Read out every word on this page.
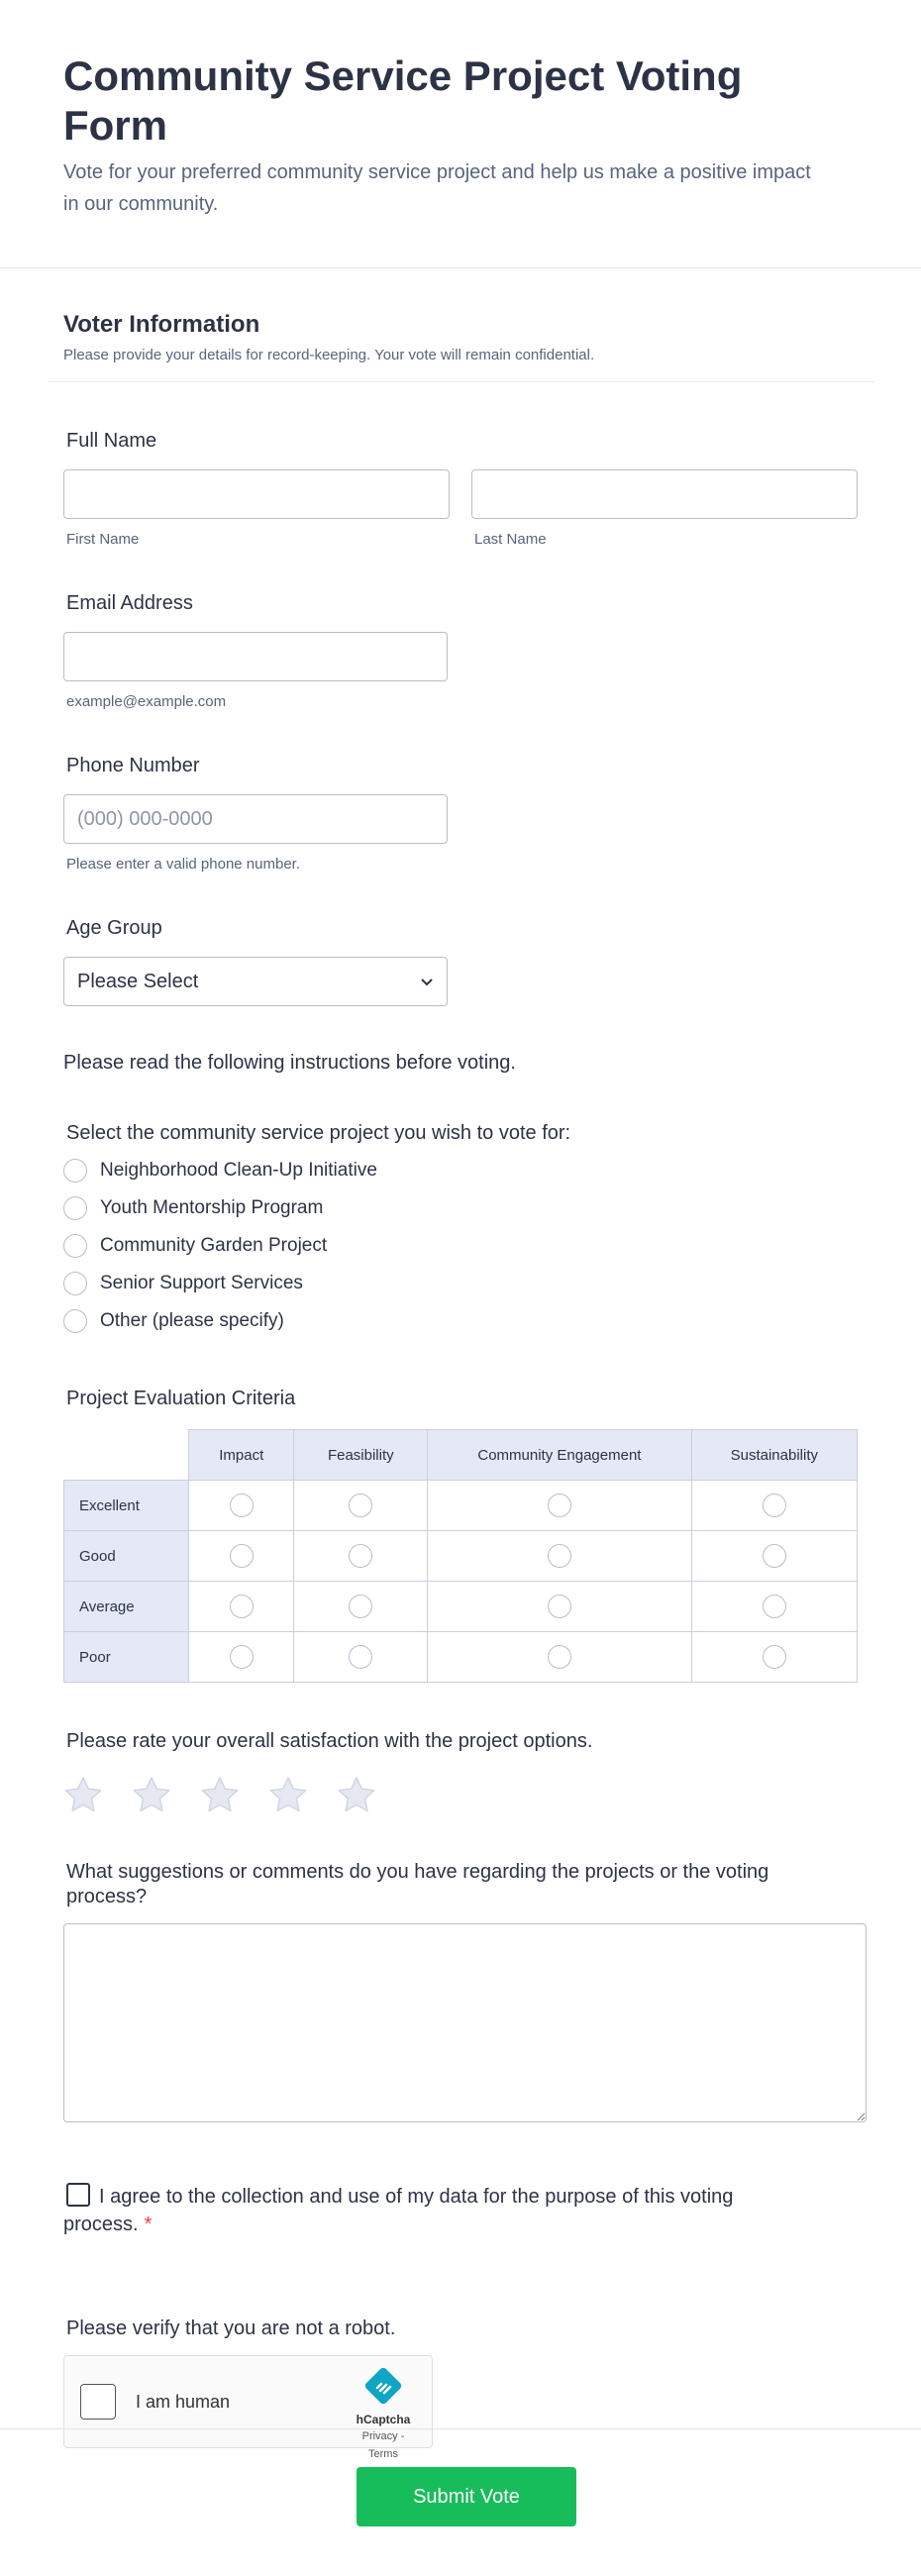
Community Service Project Voting Form
Vote for your preferred community service project and help us make a positive impact in our community.
Voter Information
Please provide your details for record-keeping. Your vote will remain confidential.
Full Name
First Name	Last Name
Email Address
example@example.com
Phone Number
(000) 000-0000
Please enter a valid phone number.
Age Group
Please Select
Please read the following instructions before voting.
Select the community service project you wish to vote for:
Neighborhood Clean-Up Initiative
Youth Mentorship Program
Community Garden Project
Senior Support Services
Other (please specify)
Project Evaluation Criteria
	Impact	Feasibility	Community Engagement	Sustainability
Excellent	

Good	

Average	

Poor	

Please rate your overall satisfaction with the project options.
What suggestions or comments do you have regarding the projects or the voting process?
I agree to the collection and use of my data for the purpose of this voting process. *
Please verify that you are not a robot.
I am human
hCaptcha
Privacy - Terms
Submit Vote
